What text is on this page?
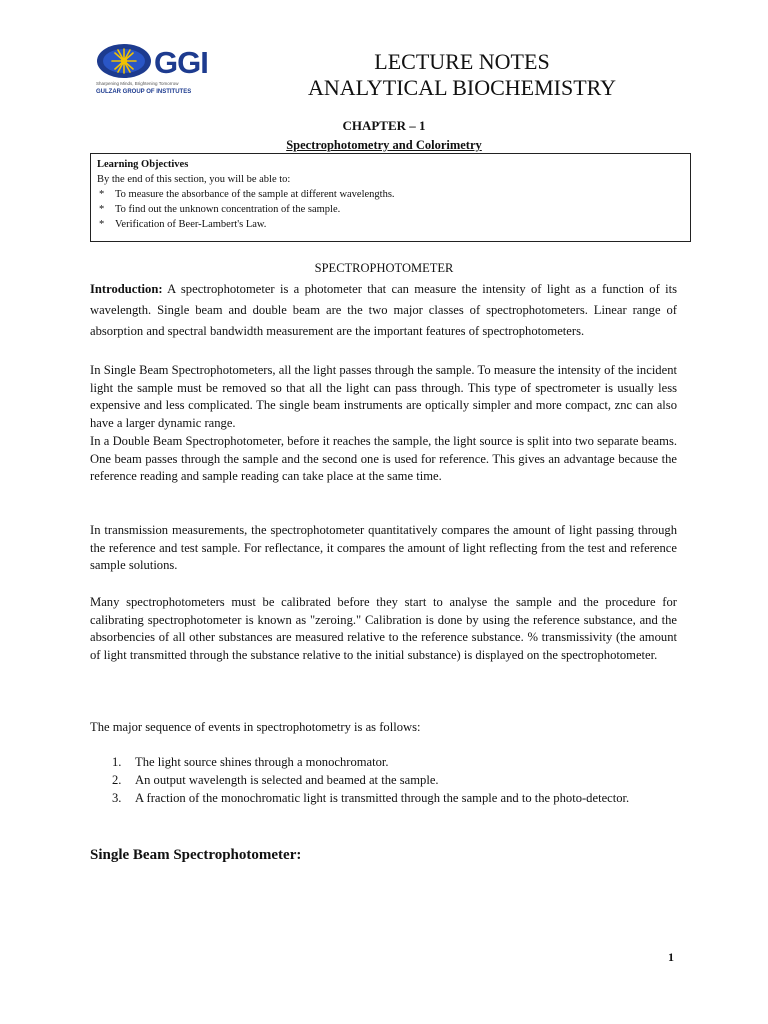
GGI
Sharpening Minds, Brightening Tomorrow
GULZAR GROUP OF INSTITUTES
LECTURE NOTES
ANALYTICAL BIOCHEMISTRY
CHAPTER – 1
Spectrophotometry and Colorimetry
Learning Objectives
By the end of this section, you will be able to:
* To measure the absorbance of the sample at different wavelengths.
* To find out the unknown concentration of the sample.
* Verification of Beer-Lambert's Law.
SPECTROPHOTOMETER

Introduction: A spectrophotometer is a photometer that can measure the intensity of light as a function of its wavelength. Single beam and double beam are the two major classes of spectrophotometers. Linear range of absorption and spectral bandwidth measurement are the important features of spectrophotometers.

In Single Beam Spectrophotometers, all the light passes through the sample. To measure the intensity of the incident light the sample must be removed so that all the light can pass through. This type of spectrometer is usually less expensive and less complicated. The single beam instruments are optically simpler and more compact, znc can also have a larger dynamic range.

In a Double Beam Spectrophotometer, before it reaches the sample, the light source is split into two separate beams. One beam passes through the sample and the second one is used for reference. This gives an advantage because the reference reading and sample reading can take place at the same time.

In transmission measurements, the spectrophotometer quantitatively compares the amount of light passing through the reference and test sample. For reflectance, it compares the amount of light reflecting from the test and reference sample solutions.

Many spectrophotometers must be calibrated before they start to analyse the sample and the procedure for calibrating spectrophotometer is known as "zeroing." Calibration is done by using the reference substance, and the absorbencies of all other substances are measured relative to the reference substance. % transmissivity (the amount of light transmitted through the substance relative to the initial substance) is displayed on the spectrophotometer.

The major sequence of events in spectrophotometry is as follows:

1. The light source shines through a monochromator.
2. An output wavelength is selected and beamed at the sample.
3. A fraction of the monochromatic light is transmitted through the sample and to the photo-detector.
Single Beam Spectrophotometer:
1
